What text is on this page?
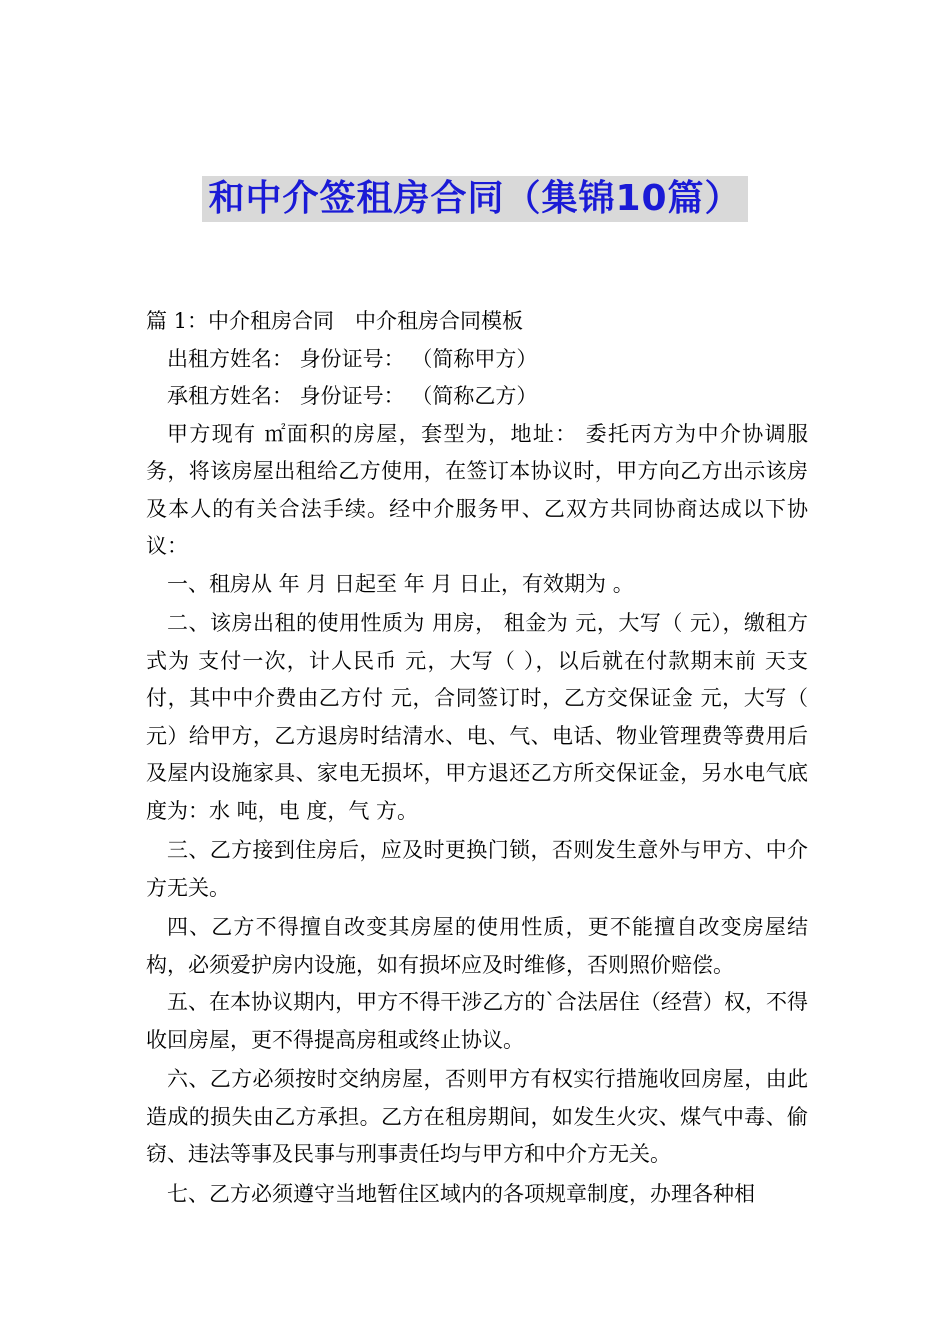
和中介签租房合同（集锦10篇）

篇 1：中介租房合同　中介租房合同模板

出租方姓名： 身份证号： （简称甲方）

承租方姓名： 身份证号： （简称乙方）

甲方现有 ㎡面积的房屋，套型为，地址： 委托丙方为中介协调服务，将该房屋出租给乙方使用，在签订本协议时，甲方向乙方出示该房及本人的有关合法手续。经中介服务甲、乙双方共同协商达成以下协议：

一、租房从 年 月 日起至 年 月 日止，有效期为 。

二、该房出租的使用性质为 用房， 租金为 元，大写（ 元），缴租方式为 支付一次，计人民币 元，大写（ ），以后就在付款期末前 天支付，其中中介费由乙方付 元，合同签订时，乙方交保证金 元，大写（ 元）给甲方，乙方退房时结清水、电、气、电话、物业管理费等费用后及屋内设施家具、家电无损坏，甲方退还乙方所交保证金，另水电气底度为：水 吨，电 度，气 方。

三、乙方接到住房后，应及时更换门锁，否则发生意外与甲方、中介方无关。

四、乙方不得擅自改变其房屋的使用性质，更不能擅自改变房屋结构，必须爱护房内设施，如有损坏应及时维修，否则照价赔偿。

五、在本协议期内，甲方不得干涉乙方的`合法居住（经营）权，不得收回房屋，更不得提高房租或终止协议。

六、乙方必须按时交纳房屋，否则甲方有权实行措施收回房屋，由此造成的损失由乙方承担。乙方在租房期间，如发生火灾、煤气中毒、偷窃、违法等事及民事与刑事责任均与甲方和中介方无关。

七、乙方必须遵守当地暂住区域内的各项规章制度，办理各种相
